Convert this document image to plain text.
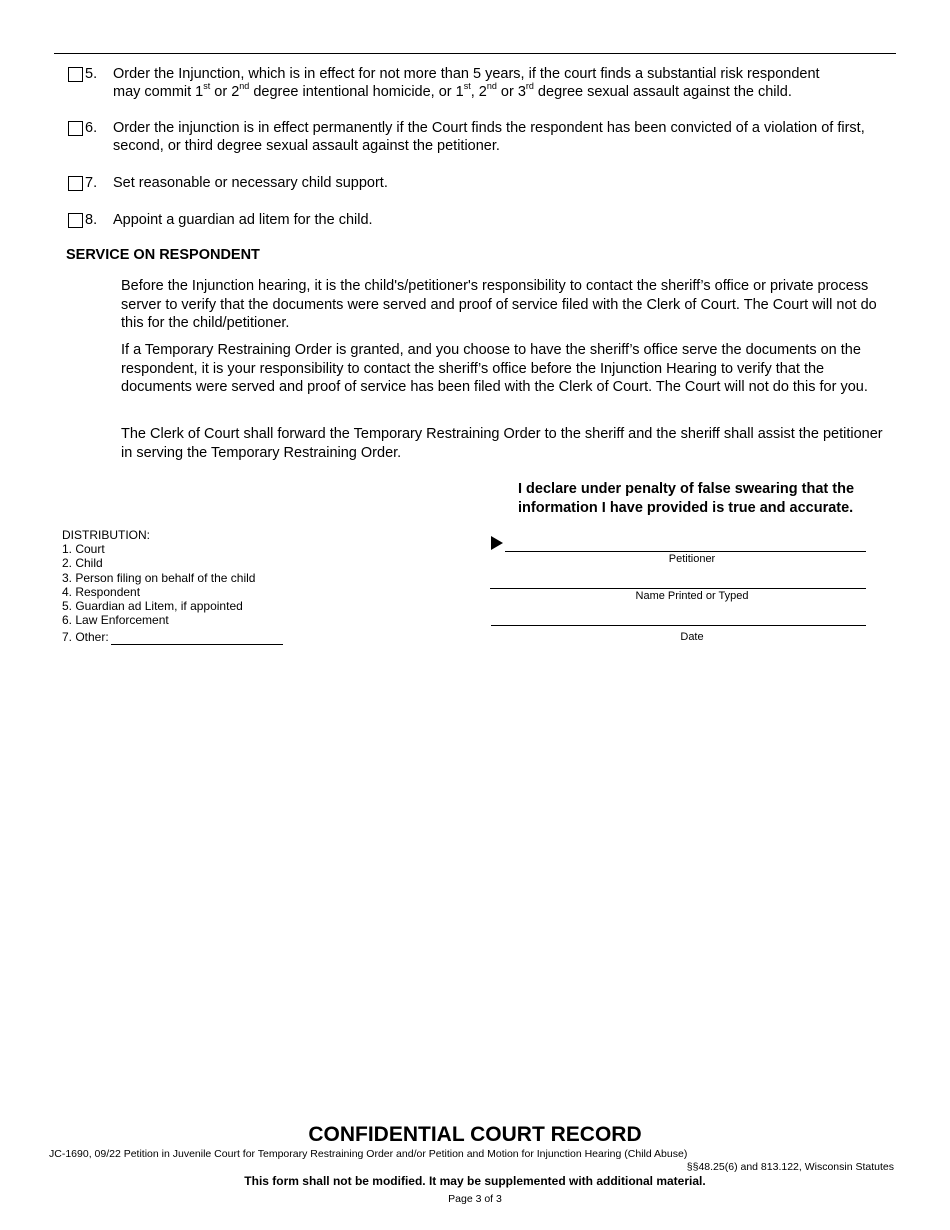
5. Order the Injunction, which is in effect for not more than 5 years, if the court finds a substantial risk respondent
may commit 1st or 2nd degree intentional homicide, or 1st, 2nd or 3rd degree sexual assault against the child.
6. Order the injunction is in effect permanently if the Court finds the respondent has been convicted of a violation of first, second, or third degree sexual assault against the petitioner.
7. Set reasonable or necessary child support.
8. Appoint a guardian ad litem for the child.
SERVICE ON RESPONDENT
Before the Injunction hearing, it is the child's/petitioner's responsibility to contact the sheriff’s office or private process server to verify that the documents were served and proof of service filed with the Clerk of Court. The Court will not do this for the child/petitioner.
If a Temporary Restraining Order is granted, and you choose to have the sheriff’s office serve the documents on the respondent, it is your responsibility to contact the sheriff’s office before the Injunction Hearing to verify that the documents were served and proof of service has been filed with the Clerk of Court. The Court will not do this for you.
The Clerk of Court shall forward the Temporary Restraining Order to the sheriff and the sheriff shall assist the petitioner in serving the Temporary Restraining Order.
I declare under penalty of false swearing that the information I have provided is true and accurate.
DISTRIBUTION:
1. Court
2. Child
3. Person filing on behalf of the child
4. Respondent
5. Guardian ad Litem, if appointed
6. Law Enforcement
7. Other:
Petitioner
Name Printed or Typed
Date
CONFIDENTIAL COURT RECORD
JC-1690, 09/22 Petition in Juvenile Court for Temporary Restraining Order and/or Petition and Motion for Injunction Hearing (Child Abuse)
§§48.25(6) and 813.122, Wisconsin Statutes
This form shall not be modified. It may be supplemented with additional material.
Page 3 of 3
